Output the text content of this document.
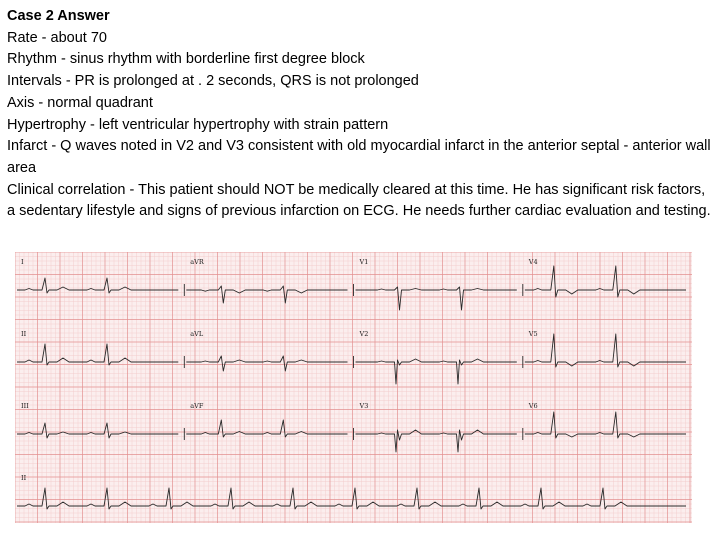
Case 2 Answer
Rate - about 70
Rhythm - sinus rhythm with borderline first degree block
Intervals - PR is prolonged at . 2 seconds, QRS is not prolonged
Axis - normal quadrant
Hypertrophy - left ventricular hypertrophy with strain pattern
Infarct - Q waves noted in V2 and V3 consistent with old myocardial infarct in the anterior septal - anterior wall area
Clinical correlation - This patient should NOT be medically cleared at this time. He has significant risk factors, a sedentary lifestyle and signs of previous infarction on ECG. He needs further cardiac evaluation and testing.
I	aVR	V1	V4
II	aVL	V2	V5
III	aVF	V3	V6
II
